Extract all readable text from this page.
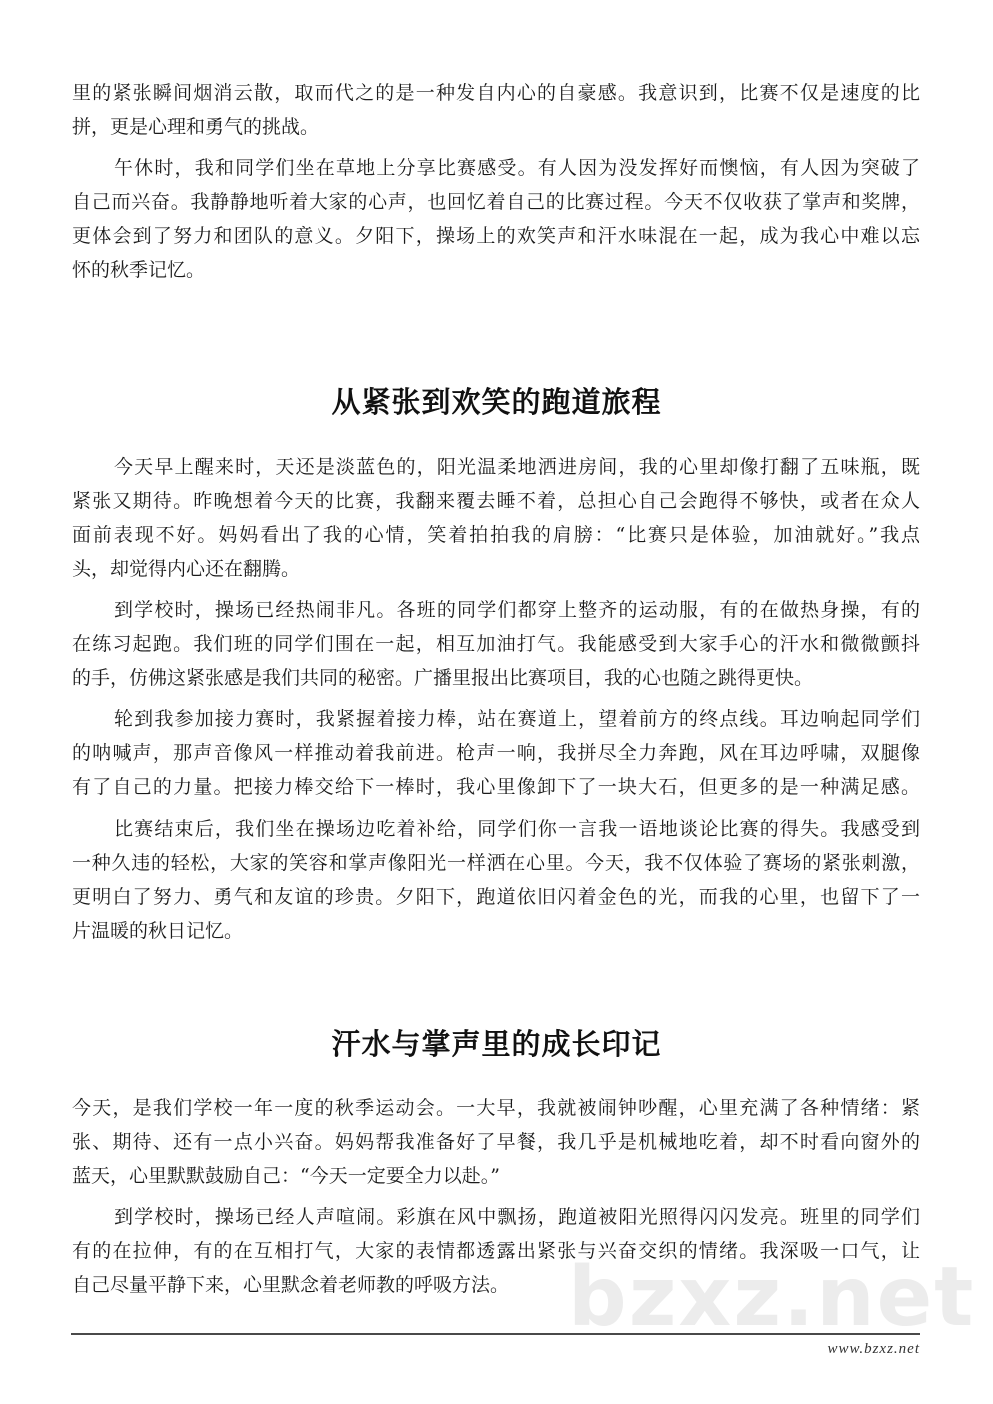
里的紧张瞬间烟消云散，取而代之的是一种发自内心的自豪感。我意识到，比赛不仅是速度的比
拼，更是心理和勇气的挑战。
午休时，我和同学们坐在草地上分享比赛感受。有人因为没发挥好而懊恼，有人因为突破了
自己而兴奋。我静静地听着大家的心声，也回忆着自己的比赛过程。今天不仅收获了掌声和奖牌，
更体会到了努力和团队的意义。夕阳下，操场上的欢笑声和汗水味混在一起，成为我心中难以忘
怀的秋季记忆。
从紧张到欢笑的跑道旅程
今天早上醒来时，天还是淡蓝色的，阳光温柔地洒进房间，我的心里却像打翻了五味瓶，既
紧张又期待。昨晚想着今天的比赛，我翻来覆去睡不着，总担心自己会跑得不够快，或者在众人
面前表现不好。妈妈看出了我的心情，笑着拍拍我的肩膀：“比赛只是体验，加油就好。”我点
头，却觉得内心还在翻腾。
到学校时，操场已经热闹非凡。各班的同学们都穿上整齐的运动服，有的在做热身操，有的
在练习起跑。我们班的同学们围在一起，相互加油打气。我能感受到大家手心的汗水和微微颤抖
的手，仿佛这紧张感是我们共同的秘密。广播里报出比赛项目，我的心也随之跳得更快。
轮到我参加接力赛时，我紧握着接力棒，站在赛道上，望着前方的终点线。耳边响起同学们
的呐喊声，那声音像风一样推动着我前进。枪声一响，我拼尽全力奔跑，风在耳边呼啸，双腿像
有了自己的力量。把接力棒交给下一棒时，我心里像卸下了一块大石，但更多的是一种满足感。
比赛结束后，我们坐在操场边吃着补给，同学们你一言我一语地谈论比赛的得失。我感受到
一种久违的轻松，大家的笑容和掌声像阳光一样洒在心里。今天，我不仅体验了赛场的紧张刺激，
更明白了努力、勇气和友谊的珍贵。夕阳下，跑道依旧闪着金色的光，而我的心里，也留下了一
片温暖的秋日记忆。
汗水与掌声里的成长印记
今天，是我们学校一年一度的秋季运动会。一大早，我就被闹钟吵醒，心里充满了各种情绪：紧
张、期待、还有一点小兴奋。妈妈帮我准备好了早餐，我几乎是机械地吃着，却不时看向窗外的
蓝天，心里默默鼓励自己：“今天一定要全力以赴。”
到学校时，操场已经人声喧闹。彩旗在风中飘扬，跑道被阳光照得闪闪发亮。班里的同学们
有的在拉伸，有的在互相打气，大家的表情都透露出紧张与兴奋交织的情绪。我深吸一口气，让
自己尽量平静下来，心里默念着老师教的呼吸方法。 bzxz.net
www.bzxz.net
